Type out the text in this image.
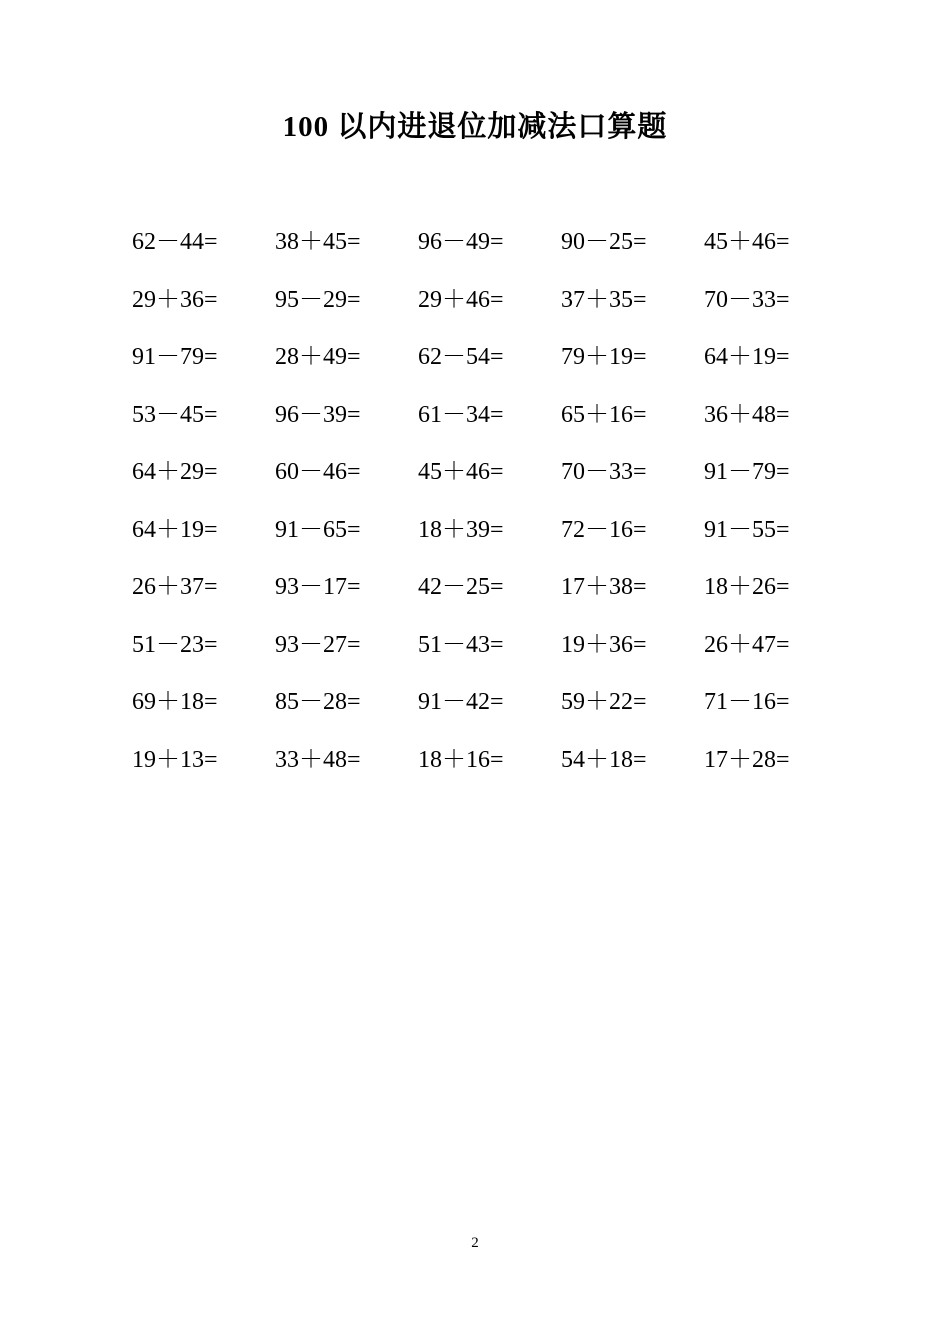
100 以内进退位加减法口算题
62－44=	38＋45=	96－49=	90－25=	45＋46=
29＋36=	95－29=	29＋46=	37＋35=	70－33=
91－79=	28＋49=	62－54=	79＋19=	64＋19=
53－45=	96－39=	61－34=	65＋16=	36＋48=
64＋29=	60－46=	45＋46=	70－33=	91－79=
64＋19=	91－65=	18＋39=	72－16=	91－55=
26＋37=	93－17=	42－25=	17＋38=	18＋26=
51－23=	93－27=	51－43=	19＋36=	26＋47=
69＋18=	85－28=	91－42=	59＋22=	71－16=
19＋13=	33＋48=	18＋16=	54＋18=	17＋28=
2
